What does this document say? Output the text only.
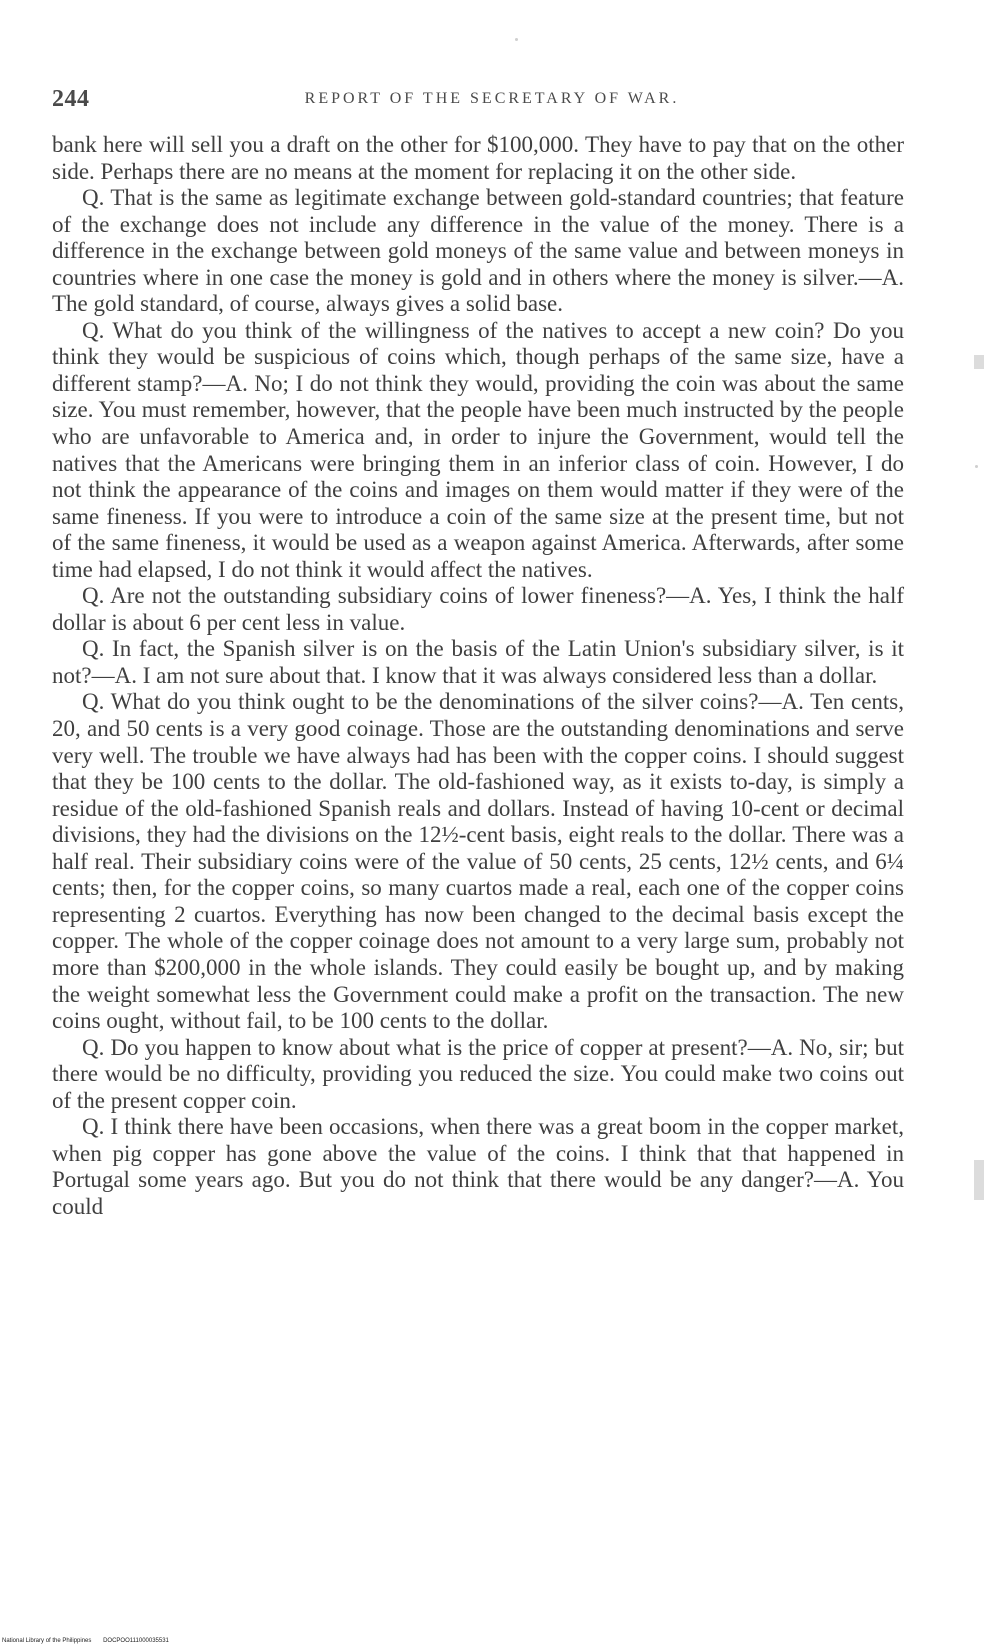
244	REPORT OF THE SECRETARY OF WAR.

bank here will sell you a draft on the other for $100,000. They have to pay that on the other side. Perhaps there are no means at the moment for replacing it on the other side.

Q. That is the same as legitimate exchange between gold-standard countries; that feature of the exchange does not include any difference in the value of the money. There is a difference in the exchange between gold moneys of the same value and between moneys in countries where in one case the money is gold and in others where the money is silver.—A. The gold standard, of course, always gives a solid base.

Q. What do you think of the willingness of the natives to accept a new coin? Do you think they would be suspicious of coins which, though perhaps of the same size, have a different stamp?—A. No; I do not think they would, providing the coin was about the same size. You must remember, however, that the people have been much instructed by the people who are unfavorable to America and, in order to injure the Government, would tell the natives that the Americans were bringing them in an inferior class of coin. However, I do not think the appearance of the coins and images on them would matter if they were of the same fineness. If you were to introduce a coin of the same size at the present time, but not of the same fineness, it would be used as a weapon against America. Afterwards, after some time had elapsed, I do not think it would affect the natives.

Q. Are not the outstanding subsidiary coins of lower fineness?—A. Yes, I think the half dollar is about 6 per cent less in value.

Q. In fact, the Spanish silver is on the basis of the Latin Union's subsidiary silver, is it not?—A. I am not sure about that. I know that it was always considered less than a dollar.

Q. What do you think ought to be the denominations of the silver coins?—A. Ten cents, 20, and 50 cents is a very good coinage. Those are the outstanding denominations and serve very well. The trouble we have always had has been with the copper coins. I should suggest that they be 100 cents to the dollar. The old-fashioned way, as it exists to-day, is simply a residue of the old-fashioned Spanish reals and dollars. Instead of having 10-cent or decimal divisions, they had the divisions on the 12½-cent basis, eight reals to the dollar. There was a half real. Their subsidiary coins were of the value of 50 cents, 25 cents, 12½ cents, and 6¼ cents; then, for the copper coins, so many cuartos made a real, each one of the copper coins representing 2 cuartos. Everything has now been changed to the decimal basis except the copper. The whole of the copper coinage does not amount to a very large sum, probably not more than $200,000 in the whole islands. They could easily be bought up, and by making the weight somewhat less the Government could make a profit on the transaction. The new coins ought, without fail, to be 100 cents to the dollar.

Q. Do you happen to know about what is the price of copper at present?—A. No, sir; but there would be no difficulty, providing you reduced the size. You could make two coins out of the present copper coin.

Q. I think there have been occasions, when there was a great boom in the copper market, when pig copper has gone above the value of the coins. I think that that happened in Portugal some years ago. But you do not think that there would be any danger?—A. You could

National Library of the Philippines DOCPOO111000035531
